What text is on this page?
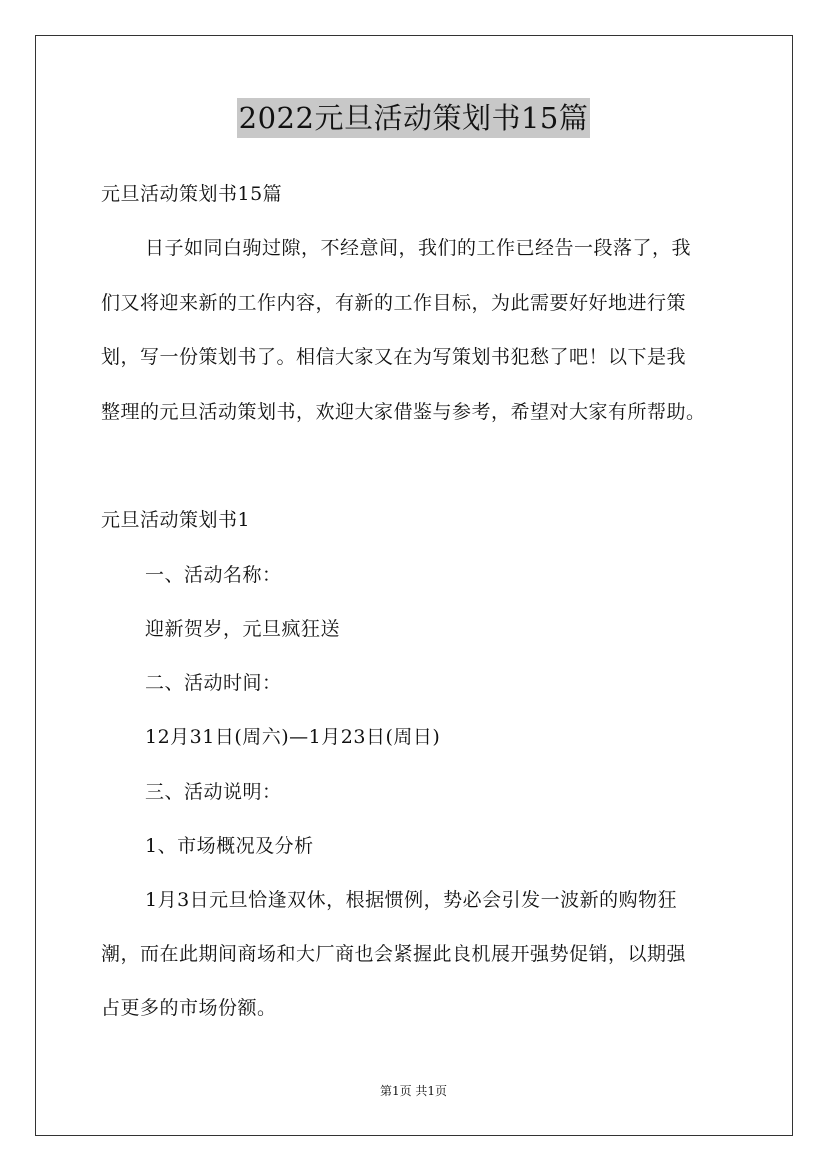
2022元旦活动策划书15篇
元旦活动策划书15篇
日子如同白驹过隙，不经意间，我们的工作已经告一段落了，我
们又将迎来新的工作内容，有新的工作目标，为此需要好好地进行策
划，写一份策划书了。相信大家又在为写策划书犯愁了吧！以下是我
整理的元旦活动策划书，欢迎大家借鉴与参考，希望对大家有所帮助。
元旦活动策划书1
一、活动名称：
迎新贺岁，元旦疯狂送
二、活动时间：
12月31日(周六)—1月23日(周日)
三、活动说明：
1、市场概况及分析
1月3日元旦恰逢双休，根据惯例，势必会引发一波新的购物狂
潮，而在此期间商场和大厂商也会紧握此良机展开强势促销，以期强
占更多的市场份额。
第1页 共1页
